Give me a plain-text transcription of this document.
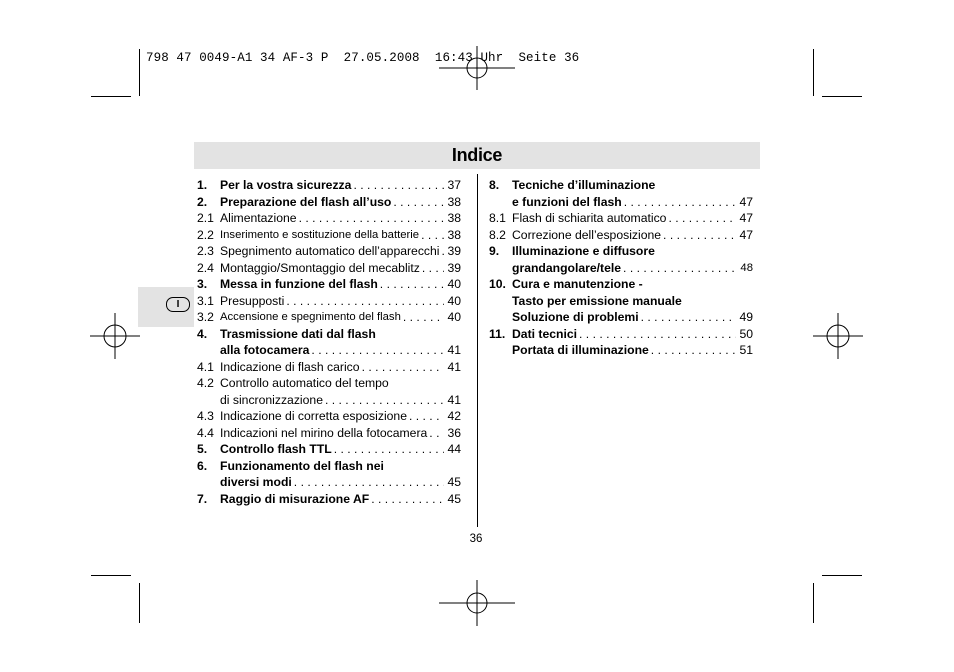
798 47 0049-A1 34 AF-3 P  27.05.2008  16:43 Uhr  Seite 36
Indice
I
1. Per la vostra sicurezza . . .	37
2. Preparazione del flash all’uso . . .	38
2.1 Alimentazione . . .	38
2.2 Inserimento e sostituzione della batterie . . . 38
2.3 Spegnimento automatico dell’apparecchi . . . 39
2.4 Montaggio/Smontaggio del mecablitz . . . 39
3. Messa in funzione del flash . . .	40
3.1 Presupposti . . .	40
3.2 Accensione e spegnimento del flash . . .	40
4. Trasmissione dati dal flash
alla fotocamera . . .	41
4.1 Indicazione di flash carico . . .	41
4.2 Controllo automatico del tempo
di sincronizzazione . . .	41
4.3 Indicazione di corretta esposizione . . .	42
4.4 Indicazioni nel mirino della fotocamera . . . 36
5. Controllo flash TTL . . .	44
6. Funzionamento del flash nei
diversi modi . . .	45
7. Raggio di misurazione AF . . .	45
8. Tecniche d’illuminazione
e funzioni del flash . . .	47
8.1 Flash di schiarita automatico . . .	47
8.2 Correzione dell’esposizione . . .	47
9. Illuminazione e diffusore
grandangolare/tele . . .	48
10. Cura e manutenzione -
Tasto per emissione manuale
Soluzione di problemi . . .	49
11. Dati tecnici . . .	50
Portata di illuminazione . . .	51
36
